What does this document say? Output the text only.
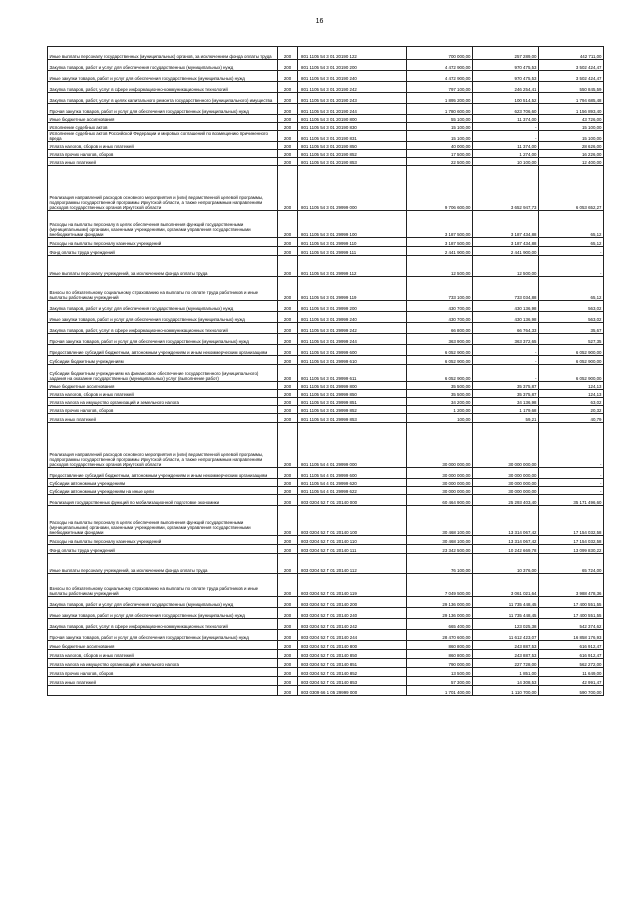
16
Иные выплаты персоналу государственных (муниципальных) органов, за исключением фонда оплаты труда	200	801 1105 54 3 01 20190 122	700 000,00	257 289,00	442 711,00
Закупка товаров, работ и услуг для обеспечения государственных (муниципальных) нужд	200	801 1105 54 3 01 20190 200	4 472 900,00	970 475,53	3 502 424,47
Иные закупки товаров, работ и услуг для обеспечения государственных (муниципальных) нужд	200	801 1105 54 3 01 20190 240	4 472 900,00	970 475,53	3 502 424,47
Закупка товаров, работ, услуг в сфере информационно-коммуникационных технологий	200	801 1105 54 3 01 20190 242	797 100,00	246 254,41	550 845,59
Закупка товаров, работ, услуг в целях капитального ремонта государственного (муниципального) имущества	200	801 1105 54 3 01 20190 243	1 895 200,00	100 514,52	1 794 685,48
Прочая закупка товаров, работ и услуг для обеспечения государственных (муниципальных) нужд	200	801 1105 54 3 01 20190 244	1 780 600,00	623 706,60	1 156 893,40
Иные бюджетные ассигнования	200	801 1105 54 3 01 20190 800	55 100,00	11 374,00	43 726,00
Исполнение судебных актов	200	801 1105 54 3 01 20190 830	15 100,00	-	15 100,00
Исполнение судебных актов Российской Федерации и мировых соглашений по возмещению причиненного вреда	200	801 1105 54 3 01 20190 831	15 100,00	-	15 100,00
Уплата налогов, сборов и иных платежей	200	801 1105 54 3 01 20190 850	40 000,00	11 374,00	28 626,00
Уплата прочих налогов, сборов	200	801 1105 54 3 01 20190 852	17 500,00	1 274,00	16 226,00
Уплата иных платежей	200	801 1105 54 3 01 20190 853	22 500,00	10 100,00	12 400,00
Реализация направлений расходов основного мероприятия и (или) ведомственной целевой программы, подпрограммы государственной программы Иркутской области, а также непрограммным направлениям расходов государственных органов Иркутской области	200	801 1105 54 3 01 29999 000	9 706 600,00	3 652 947,73	6 053 652,27
Расходы на выплаты персоналу в целях обеспечения выполнения функций государственными (муниципальными) органами, казенными учреждениями, органами управления государственными внебюджетными фондами	200	801 1105 54 3 01 29999 100	3 187 500,00	3 187 434,88	65,12
Расходы на выплаты персоналу казенных учреждений	200	801 1105 54 3 01 29999 110	3 187 500,00	3 187 434,88	65,12
Фонд оплаты труда учреждений	200	801 1105 54 3 01 29999 111	2 441 900,00	2 441 900,00	-
Иные выплаты персоналу учреждений, за исключением фонда оплаты труда	200	801 1105 54 3 01 29999 112	12 500,00	12 500,00	-
Взносы по обязательному социальному страхованию на выплаты по оплате труда работников и иные выплаты работникам учреждений	200	801 1105 54 3 01 29999 119	733 100,00	733 034,88	65,12
Закупка товаров, работ и услуг для обеспечения государственных (муниципальных) нужд	200	801 1105 54 3 01 29999 200	430 700,00	430 136,98	563,02
Иные закупки товаров, работ и услуг для обеспечения государственных (муниципальных) нужд	200	801 1105 54 3 01 29999 240	430 700,00	430 136,98	563,02
Закупка товаров, работ, услуг в сфере информационно-коммуникационных технологий	200	801 1105 54 3 01 29999 242	66 800,00	66 764,33	35,67
Прочая закупка товаров, работ и услуг для обеспечения государственных (муниципальных) нужд	200	801 1105 54 3 01 29999 244	363 900,00	363 372,65	527,35
Предоставление субсидий бюджетным, автономным учреждениям и иным некоммерческим организациям	200	801 1105 54 3 01 29999 600	6 052 900,00	-	6 052 900,00
Субсидии бюджетным учреждениям	200	801 1105 54 3 01 29999 610	6 052 900,00	-	6 052 900,00
Субсидии бюджетным учреждениям на финансовое обеспечение государственного (муниципального) задания на оказание государственных (муниципальных) услуг (выполнение работ)	200	801 1105 54 3 01 29999 611	6 052 900,00	-	6 052 900,00
Иные бюджетные ассигнования	200	801 1105 54 3 01 29999 800	35 500,00	35 375,87	124,13
Уплата налогов, сборов и иных платежей	200	801 1105 54 3 01 29999 850	35 500,00	35 375,87	124,13
Уплата налога на имущество организаций и земельного налога	200	801 1105 54 3 01 29999 851	34 200,00	34 136,98	63,02
Уплата прочих налогов, сборов	200	801 1105 54 3 01 29999 852	1 200,00	1 179,68	20,32
Уплата иных платежей	200	801 1105 54 3 01 29999 853	100,00	59,21	40,79
Реализация направлений расходов основного мероприятия и (или) ведомственной целевой программы, подпрограммы государственной программы Иркутской области, а также непрограммным направлениям расходов государственных органов Иркутской области	200	801 1105 54 4 01 29999 000	30 000 000,00	30 000 000,00	-
Предоставление субсидий бюджетным, автономным учреждениям и иным некоммерческим организациям	200	801 1105 54 4 01 29999 600	30 000 000,00	30 000 000,00	-
Субсидии автономным учреждениям	200	801 1105 54 4 01 29999 620	30 000 000,00	30 000 000,00	-
Субсидии автономным учреждениям на иные цели	200	801 1105 54 4 01 29999 622	30 000 000,00	30 000 000,00	-
Реализация государственных функций по мобилизационной подготовке экономики	200	803 0204 52 Г 01 20140 000	60 464 900,00	25 293 403,40	35 171 496,60
Расходы на выплаты персоналу в целях обеспечения выполнения функций государственными (муниципальными) органами, казенными учреждениями, органами управления государственными внебюджетными фондами	200	803 0204 52 Г 01 20140 100	30 468 100,00	13 314 067,42	17 154 032,58
Расходы на выплаты персоналу казенных учреждений	200	803 0204 52 Г 01 20140 110	30 468 100,00	13 314 067,42	17 154 032,58
Фонд оплаты труда учреждений	200	803 0204 52 Г 01 20140 111	23 342 500,00	10 242 669,78	13 099 830,22
Иные выплаты персоналу учреждений, за исключением фонда оплаты труда	200	803 0204 52 Г 01 20140 112	76 100,00	10 376,00	65 724,00
Взносы по обязательному социальному страхованию на выплаты по оплате труда работников и иные выплаты работникам учреждений	200	803 0204 52 Г 01 20140 119	7 049 500,00	3 061 021,64	3 988 478,36
Закупка товаров, работ и услуг для обеспечения государственных (муниципальных) нужд	200	803 0204 52 Г 01 20140 200	29 136 000,00	11 735 448,45	17 400 551,55
Иные закупки товаров, работ и услуг для обеспечения государственных (муниципальных) нужд	200	803 0204 52 Г 01 20140 240	29 136 000,00	11 735 448,45	17 400 551,55
Закупка товаров, работ, услуг в сфере информационно-коммуникационных технологий	200	803 0204 52 Г 01 20140 242	665 400,00	123 025,38	542 374,62
Прочая закупка товаров, работ и услуг для обеспечения государственных (муниципальных) нужд	200	803 0204 52 Г 01 20140 244	28 470 600,00	11 612 423,07	16 858 176,93
Иные бюджетные ассигнования	200	803 0204 52 Г 01 20140 800	860 800,00	243 887,53	616 912,47
Уплата налогов, сборов и иных платежей	200	803 0204 52 Г 01 20140 850	860 800,00	243 887,53	616 912,47
Уплата налога на имущество организаций и земельного налога	200	803 0204 52 Г 01 20140 851	790 000,00	227 728,00	562 272,00
Уплата прочих налогов, сборов	200	803 0204 52 Г 01 20140 852	13 500,00	1 851,00	11 649,00
Уплата иных платежей	200	803 0204 52 Г 01 20140 853	57 300,00	14 308,53	42 991,47
	200	803 0309 66 1 05 29999 000	1 701 400,00	1 110 700,00	590 700,00
